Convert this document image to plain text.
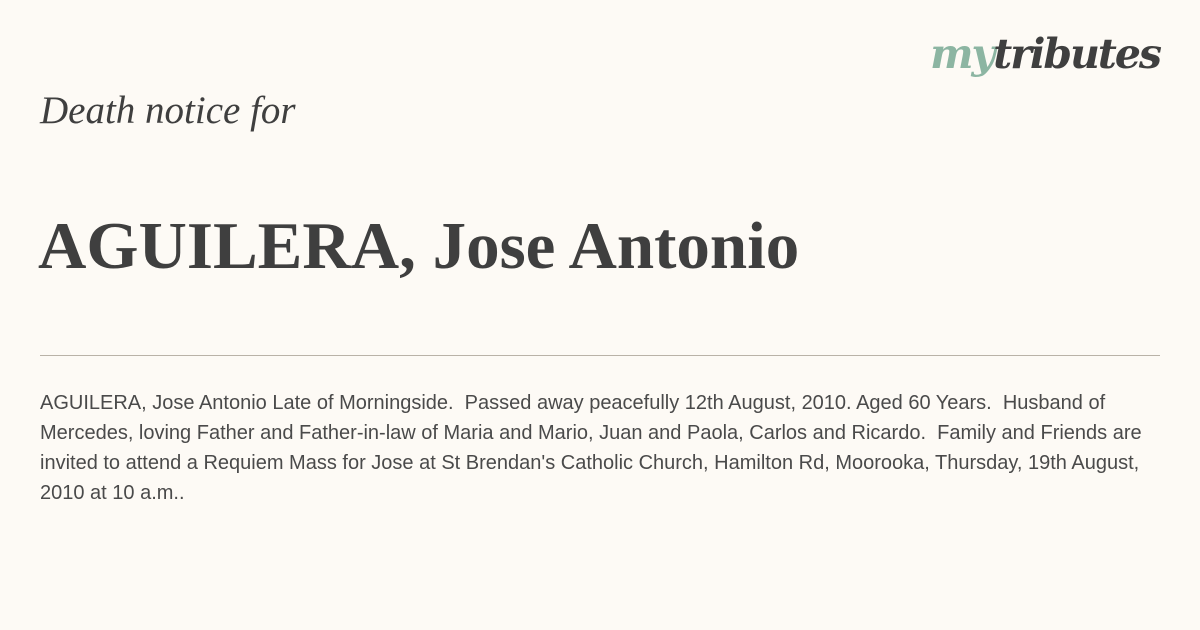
mytributes
Death notice for
AGUILERA, Jose Antonio
AGUILERA, Jose Antonio Late of Morningside.  Passed away peacefully 12th August, 2010. Aged 60 Years.  Husband of Mercedes, loving Father and Father-in-law of Maria and Mario, Juan and Paola, Carlos and Ricardo.  Family and Friends are invited to attend a Requiem Mass for Jose at St Brendan's Catholic Church, Hamilton Rd, Moorooka, Thursday, 19th August, 2010 at 10 a.m..
